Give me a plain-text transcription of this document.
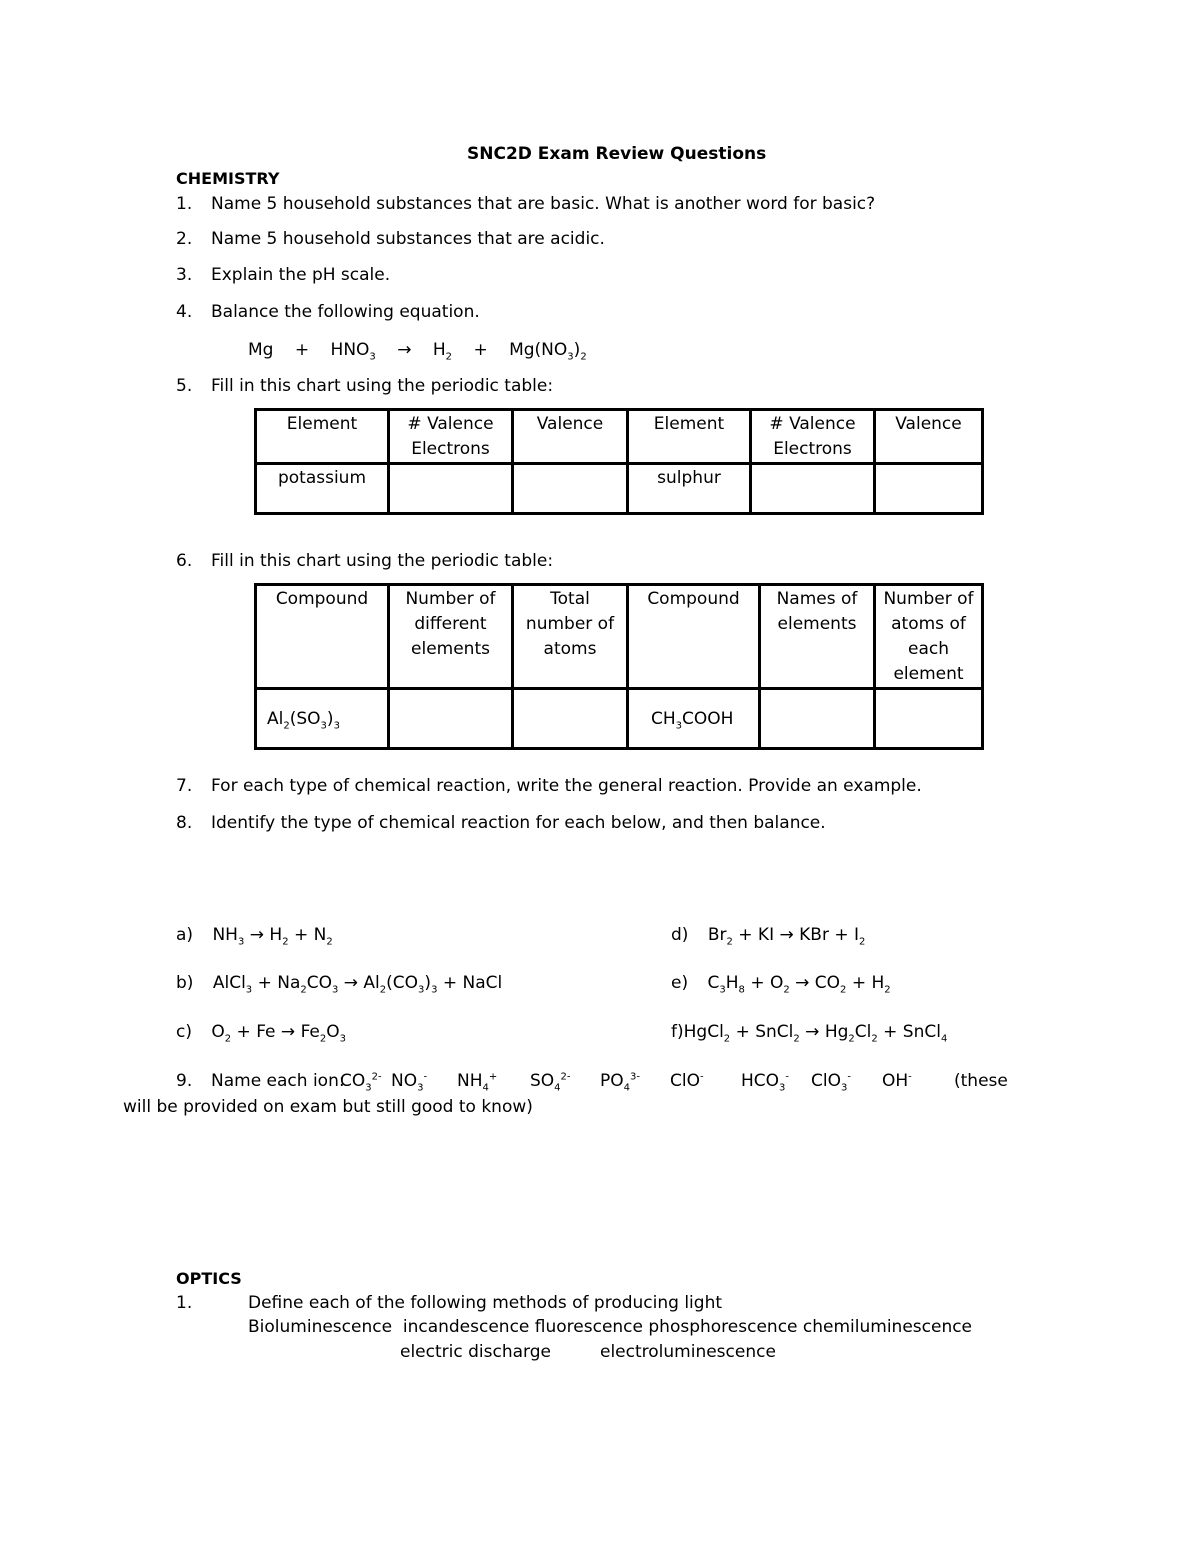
SNC2D Exam Review Questions
CHEMISTRY
1. Name 5 household substances that are basic. What is another word for basic?
2. Name 5 household substances that are acidic.
3. Explain the pH scale.
4. Balance the following equation.
$Mg + HNO_3 \to H_2 + Mg(NO_3)_2$
5. Fill in this chart using the periodic table:
Element	# Valence Electrons	Valence	Element	# Valence Electrons	Valence
potassium			sulphur		
6. Fill in this chart using the periodic table:
Compound	Number of different elements	Total number of atoms	Compound	Names of elements	Number of atoms of each element
$Al_2(SO_3)_3$			$CH_3COOH$		
7. For each type of chemical reaction, write the general reaction. Provide an example.
8. Identify the type of chemical reaction for each below, and then balance.
a) $NH_3 \to H_2 + N_2$
b) AlCl$_3$ + $Na_2CO_3 \to Al_2(CO_3)_3$ + NaCl
c) $O_2 + Fe \to Fe_2O_3$
d) $Br_2$ + KI → KBr + $I_2$
e) $C_3H_8 + O_2 \to CO_2 + H_2$
f)HgCl$_2$ + SnCl$_2$ → $Hg_2Cl_2$ + SnCl$_4$
9. Name each ion:
$CO_3^{2-}$ $NO_3^-$ $NH_4^+$ $SO_4^{2-}$ $PO_4^{3-}$ ClO- $HCO_3^-$ ClO$_3$- OH- (these
will be provided on exam but still good to know)
OPTICS
1.	Define each of the following methods of producing light
Bioluminescence  incandescence fluorescence phosphorescence chemiluminescence
electric discharge	electroluminescence
